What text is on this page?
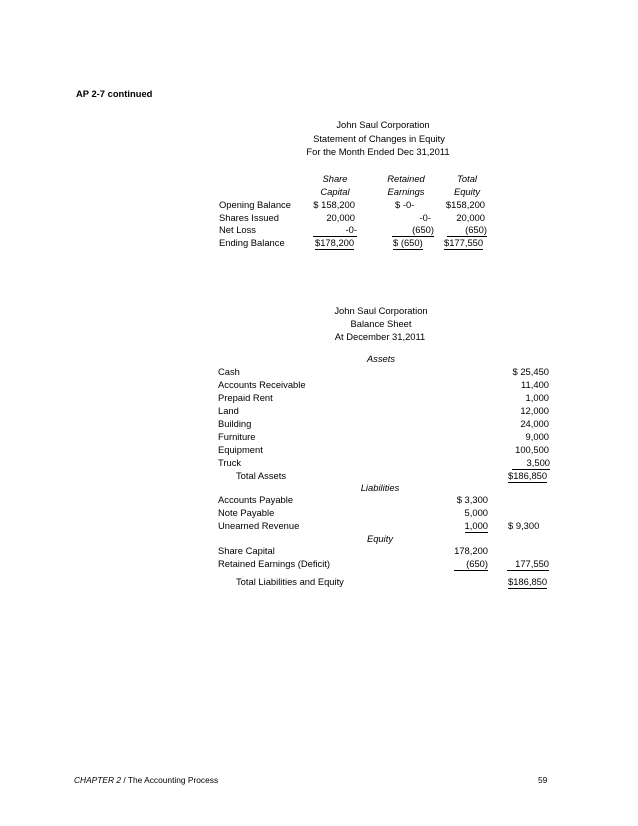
AP 2-7 continued
John Saul Corporation
Statement of Changes in Equity
For the Month Ended Dec 31,2011
Share
Capital
Retained
Earnings
Total
Equity
Opening Balance $ 158,200	$ -0-	$158,200
Shares Issued	20,000	-0-	20,000
Net Loss	-0-	(650)	(650)
Ending Balance	$178,200	$ (650) $177,550
John Saul Corporation
Balance Sheet
At December 31,2011
Assets
Cash	$ 25,450
Accounts Receivable	11,400
Prepaid Rent	1,000
Land	12,000
Building	24,000
Furniture	9,000
Equipment	100,500
Truck	3,500
Total Assets	$186,850
Liabilities
Accounts Payable	$ 3,300
Note Payable	5,000
Unearned Revenue	1,000 $ 9,300
Equity
Share Capital	178,200
Retained Earnings (Deficit)	(650)	177,550
Total Liabilities and Equity	$186,850
CHAPTER 2 / The Accounting Process	59
